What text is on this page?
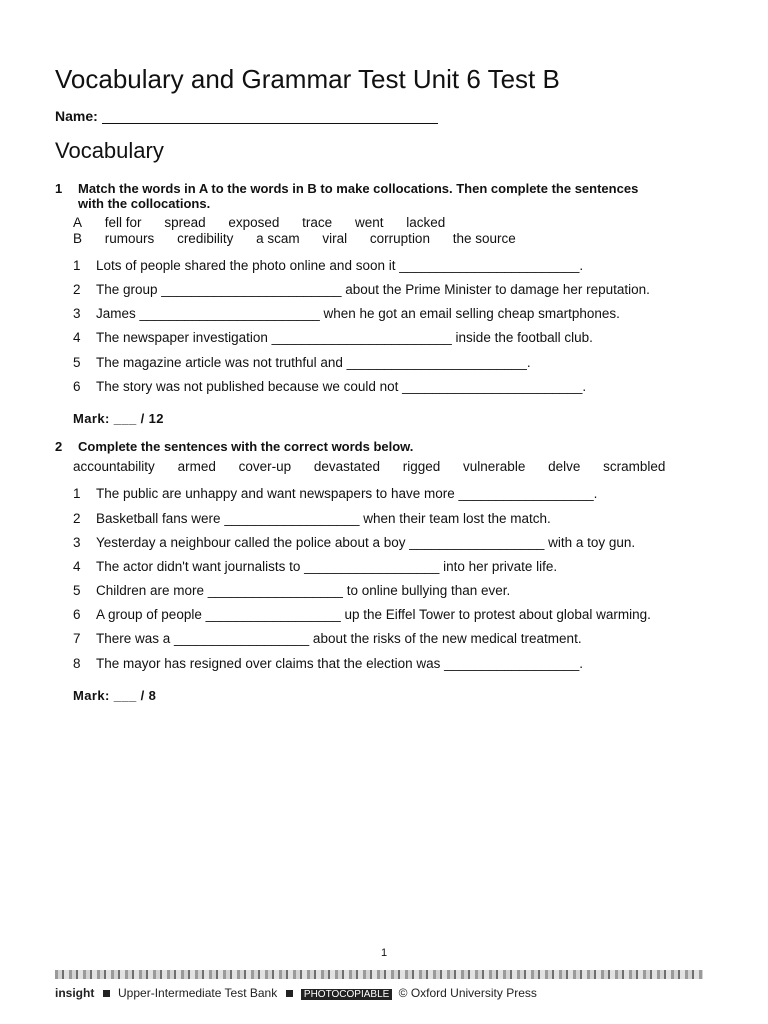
Vocabulary and Grammar Test Unit 6 Test B
Name:
Vocabulary
1 Match the words in A to the words in B to make collocations. Then complete the sentences
with the collocations.
A fell for spread exposed trace went lacked
B rumours credibility a scam viral corruption the source
1 Lots of people shared the photo online and soon it ________________________.
2 The group ________________________ about the Prime Minister to damage her reputation.
3 James ________________________ when he got an email selling cheap smartphones.
4 The newspaper investigation ________________________ inside the football club.
5 The magazine article was not truthful and ________________________.
6 The story was not published because we could not ________________________.
Mark: ___ / 12
2 Complete the sentences with the correct words below.
accountability armed cover-up devastated rigged vulnerable delve scrambled
1 The public are unhappy and want newspapers to have more __________________.
2 Basketball fans were __________________ when their team lost the match.
3 Yesterday a neighbour called the police about a boy __________________ with a toy gun.
4 The actor didn't want journalists to __________________ into her private life.
5 Children are more __________________ to online bullying than ever.
6 A group of people __________________ up the Eiffel Tower to protest about global warming.
7 There was a __________________ about the risks of the new medical treatment.
8 The mayor has resigned over claims that the election was __________________.
Mark: ___ / 8
1
insight Upper-Intermediate Test Bank	PHOTOCOPIABLE © Oxford University Press
